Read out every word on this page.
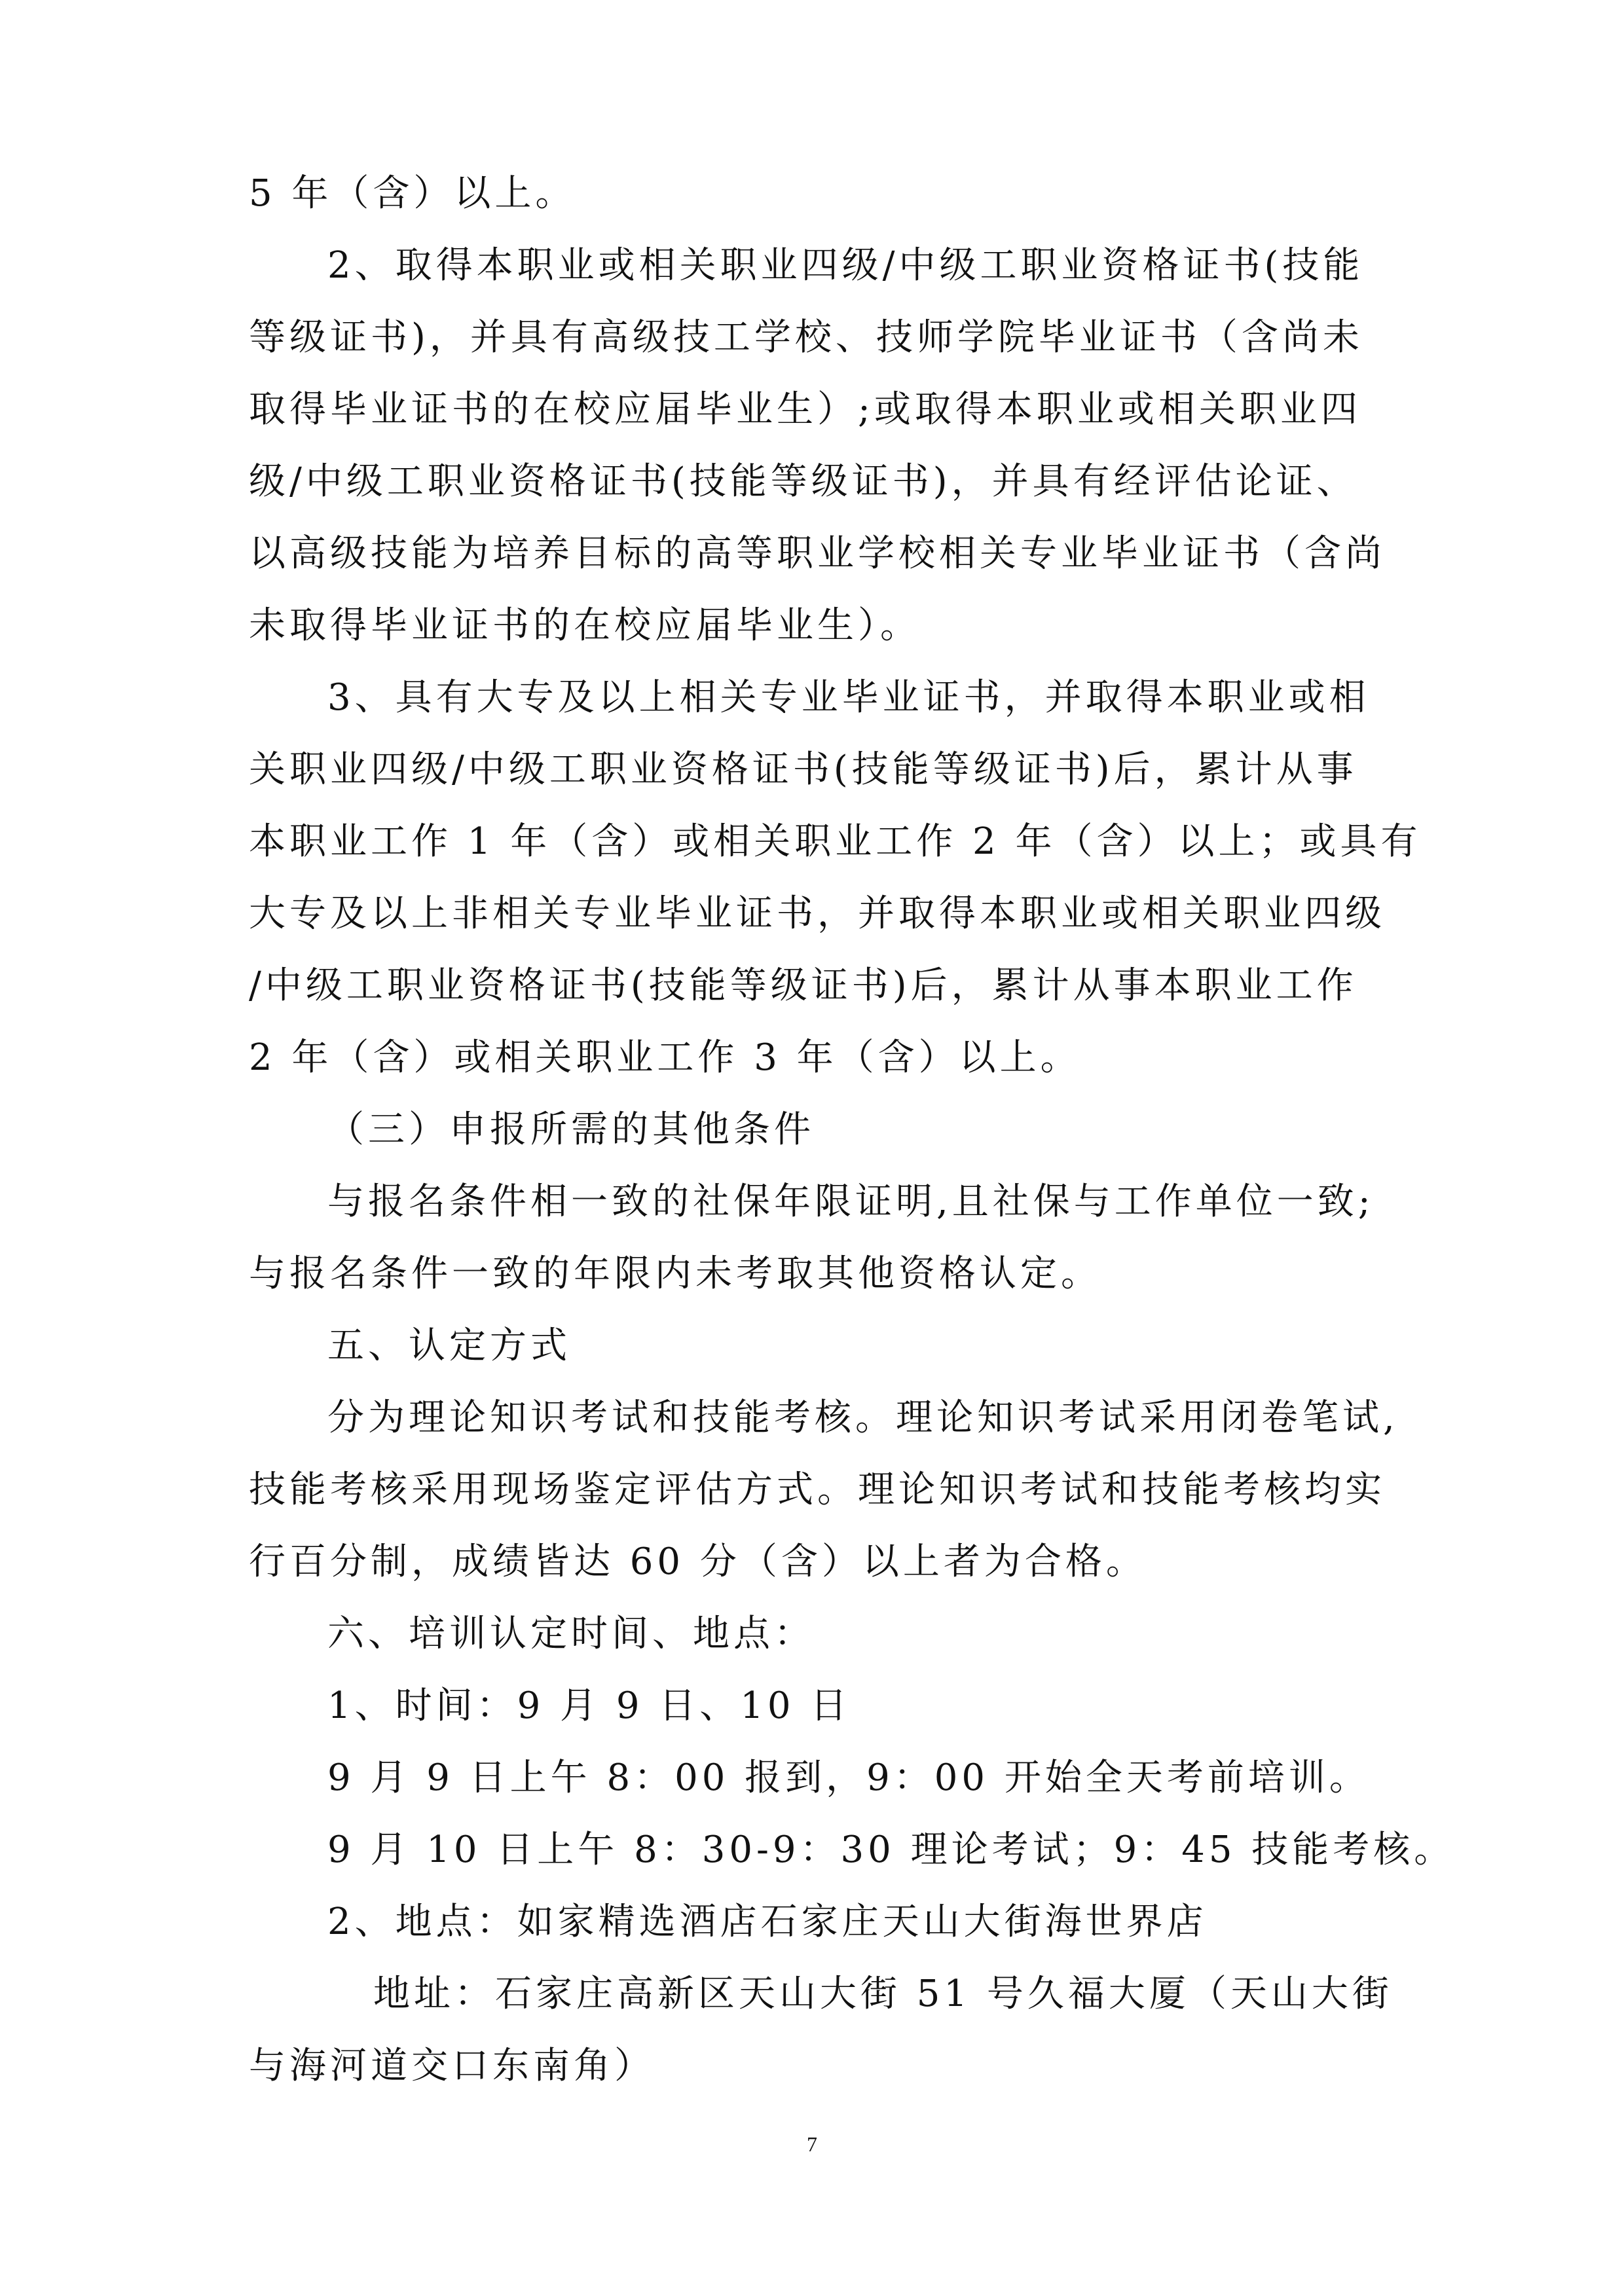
5 年（含）以上。
2、取得本职业或相关职业四级/中级工职业资格证书(技能
等级证书)，并具有高级技工学校、技师学院毕业证书（含尚未
取得毕业证书的在校应届毕业生）;或取得本职业或相关职业四
级/中级工职业资格证书(技能等级证书)，并具有经评估论证、
以高级技能为培养目标的高等职业学校相关专业毕业证书（含尚
未取得毕业证书的在校应届毕业生）。
3、具有大专及以上相关专业毕业证书，并取得本职业或相
关职业四级/中级工职业资格证书(技能等级证书)后，累计从事
本职业工作 1 年（含）或相关职业工作 2 年（含）以上；或具有
大专及以上非相关专业毕业证书，并取得本职业或相关职业四级
/中级工职业资格证书(技能等级证书)后，累计从事本职业工作
2 年（含）或相关职业工作 3 年（含）以上。
（三）申报所需的其他条件
与报名条件相一致的社保年限证明,且社保与工作单位一致;
与报名条件一致的年限内未考取其他资格认定。
五、认定方式
分为理论知识考试和技能考核。理论知识考试采用闭卷笔试,
技能考核采用现场鉴定评估方式。理论知识考试和技能考核均实
行百分制，成绩皆达 60 分（含）以上者为合格。
六、培训认定时间、地点：
1、时间：9 月 9 日、10 日
9 月 9 日上午 8：00 报到，9：00 开始全天考前培训。
9 月 10 日上午 8：30-9：30 理论考试；9：45 技能考核。
2、地点：如家精选酒店石家庄天山大街海世界店
地址：石家庄高新区天山大街 51 号久福大厦（天山大街
与海河道交口东南角）
7
